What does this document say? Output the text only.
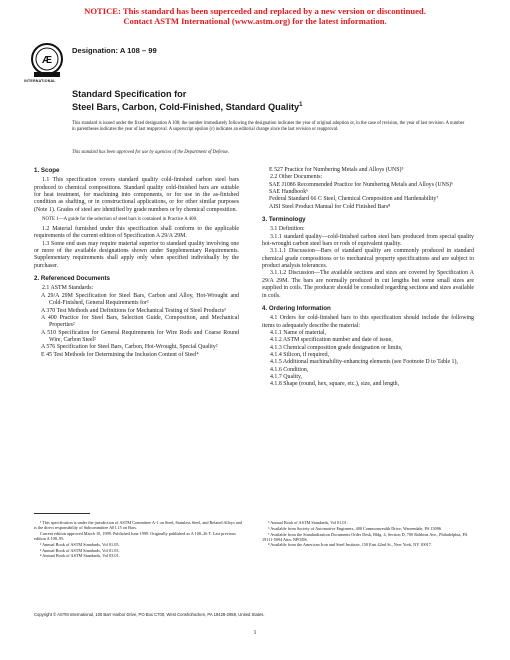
NOTICE: This standard has been superceded and replaced by a new version or discontinued.
Contact ASTM International (www.astm.org) for the latest information.
Æ
INTERNATIONAL
Designation: A 108 – 99
Standard Specification for
Steel Bars, Carbon, Cold-Finished, Standard Quality$^1$
This standard is issued under the fixed designation A 108; the number immediately following the designation indicates the year of original adoption or, in the case of revision, the year of last revision. A number in parentheses indicates the year of last reapproval. A superscript epsilon (ε) indicates an editorial change since the last revision or reapproval.
This standard has been approved for use by agencies of the Department of Defense.
1. Scope

1.1 This specification covers standard quality cold-finished carbon steel bars produced to chemical compositions. Standard quality cold-finished bars are suitable for heat treatment, for machining into components, or for use in the as-finished condition as shafting, or in constructional applications, or for other similar purposes (Note 1). Grades of steel are identified by grade numbers or by chemical composition.

NOTE 1—A guide for the selection of steel bars is contained in Practice A 400.

1.2 Material furnished under this specification shall conform to the applicable requirements of the current edition of Specification A 29/A 29M.

1.3 Some end uses may require material superior to standard quality involving one or more of the available designations shown under Supplementary Requirements. Supplementary requirements shall apply only when specified individually by the purchaser.

2. Referenced Documents

2.1 ASTM Standards:

A 29/A 29M Specification for Steel Bars, Carbon and Alloy, Hot-Wrought and Cold-Finished, General Requirements for²

A 370 Test Methods and Definitions for Mechanical Testing of Steel Products³

A 400 Practice for Steel Bars, Selection Guide, Composition, and Mechanical Properties²

A 510 Specification for General Requirements for Wire Rods and Coarse Round Wire, Carbon Steel²

A 576 Specification for Steel Bars, Carbon, Hot-Wrought, Special Quality²

E 45 Test Methods for Determining the Inclusion Content of Steel⁴

E 527 Practice for Numbering Metals and Alloys (UNS)⁵

2.2 Other Documents:

SAE J1086 Recommended Practice for Numbering Metals and Alloys (UNS)⁶

SAE Handbook⁶

Federal Standard 66 C Steel, Chemical Composition and Hardenability⁷

AISI Steel Product Manual for Cold Finished Bars⁸

3. Terminology

3.1 Definition:

3.1.1 standard quality—cold-finished carbon steel bars produced from special quality hot-wrought carbon steel bars or rods of equivalent quality.

3.1.1.1 Discussion—Bars of standard quality are commonly produced in standard chemical grade compositions or to mechanical property specifications and are subject to product analysis tolerances.

3.1.1.2 Discussion—The available sections and sizes are covered by Specification A 29/A 29M. The bars are normally produced in cut lengths but some small sizes are supplied in coils. The producer should be consulted regarding sections and sizes available in coils.

4. Ordering Information

4.1 Orders for cold-finished bars to this specification should include the following items to adequately describe the material:

4.1.1 Name of material,

4.1.2 ASTM specification number and date of issue,

4.1.3 Chemical composition grade designation or limits,

4.1.4 Silicon, if required,

4.1.5 Additional machinability-enhancing elements (see Footnote D to Table 1),

4.1.6 Condition,

4.1.7 Quality,

4.1.8 Shape (round, hex, square, etc.), size, and length,

¹ This specification is under the jurisdiction of ASTM Committee A-1 on Steel, Stainless Steel, and Related Alloys and is the direct responsibility of Subcommittee A01.15 on Bars.

Current edition approved March 10, 1999. Published June 1999. Originally published as A 108–26 T. Last previous edition A 108–95.

² Annual Book of ASTM Standards, Vol 01.05.

³ Annual Book of ASTM Standards, Vol 01.03.

⁴ Annual Book of ASTM Standards, Vol 03.01.

⁵ Annual Book of ASTM Standards, Vol 01.01.

⁶ Available from Society of Automotive Engineers, 400 Commonwealth Drive, Warrendale, PA 15096.

⁷ Available from the Standardization Documents Order Desk, Bldg. 4, Section D, 700 Robbins Ave., Philadelphia, PA 19111-5094 Attn: NPODS.

⁸ Available from the American Iron and Steel Institute, 150 East 42nd St., New York, NY 10017.

Copyright © ASTM International, 100 Barr Harbor Drive, PO Box C700, West Conshohocken, PA 19428-2959, United States.
1
